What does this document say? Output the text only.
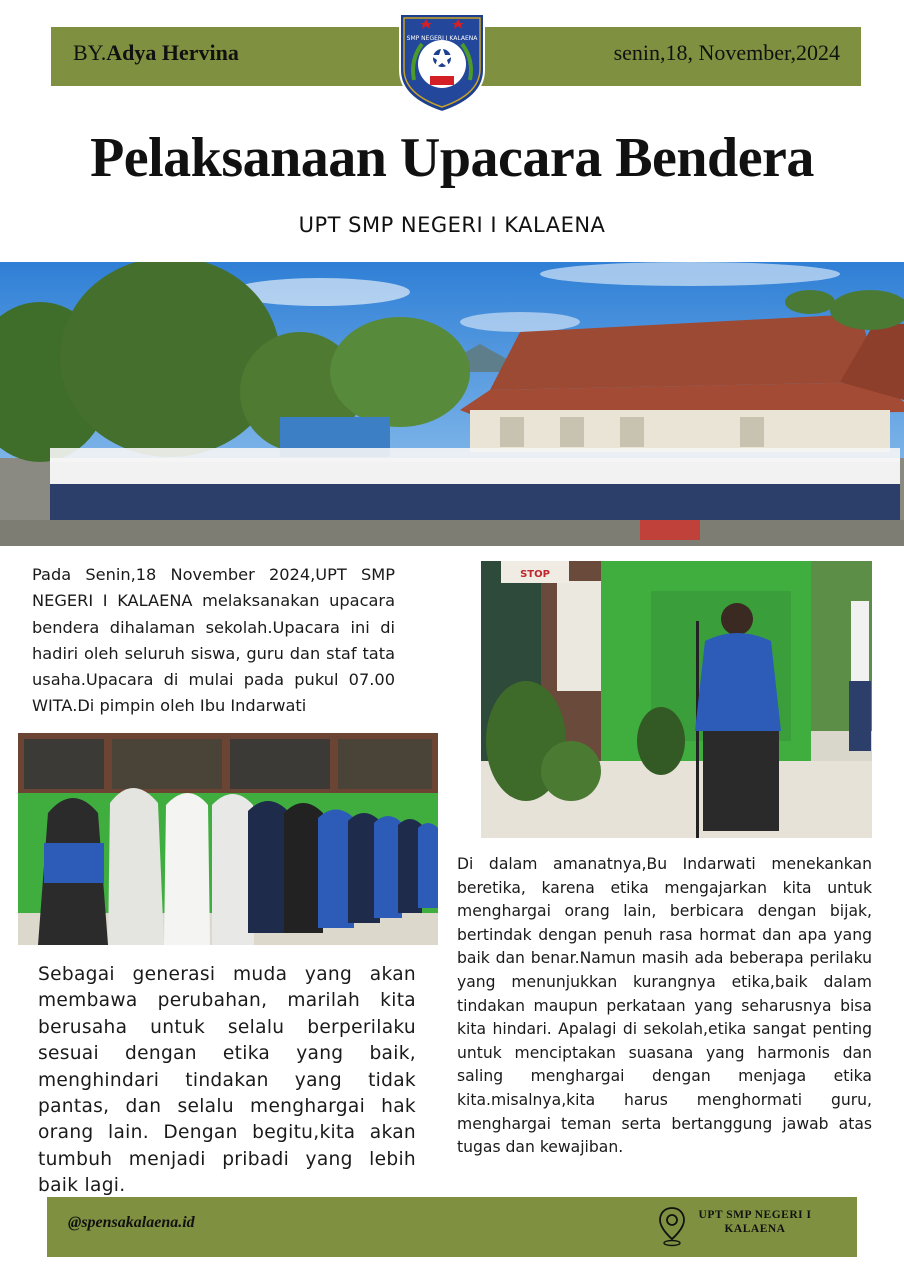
BY.Adya Hervina	senin,18, November,2024
SMP NEGERI I KALAENA
Pelaksanaan Upacara Bendera
UPT SMP NEGERI I KALAENA
STOP
Pada Senin,18 November 2024,UPT SMP NEGERI I KALAENA melaksanakan upacara bendera dihalaman sekolah.Upacara ini di hadiri oleh seluruh siswa, guru dan staf tata usaha.Upacara di mulai pada pukul 07.00 WITA.Di pimpin oleh Ibu Indarwati
Di dalam amanatnya,Bu Indarwati menekankan beretika, karena etika mengajarkan kita untuk menghargai orang lain, berbicara dengan bijak, bertindak dengan penuh rasa hormat dan apa yang baik dan benar.Namun masih ada beberapa perilaku yang menunjukkan kurangnya etika,baik dalam tindakan maupun perkataan yang seharusnya bisa kita hindari. Apalagi di sekolah,etika sangat penting untuk menciptakan suasana yang harmonis dan saling menghargai dengan menjaga etika kita.misalnya,kita harus menghormati guru, menghargai teman serta bertanggung jawab atas tugas dan kewajiban.
Sebagai generasi muda yang akan membawa perubahan, marilah kita berusaha untuk selalu berperilaku sesuai dengan etika yang baik, menghindari tindakan yang tidak pantas, dan selalu menghargai hak orang lain. Dengan begitu,kita akan tumbuh menjadi pribadi yang lebih baik lagi.
@spensakalaena.id	UPT SMP NEGERI I
KALAENA
